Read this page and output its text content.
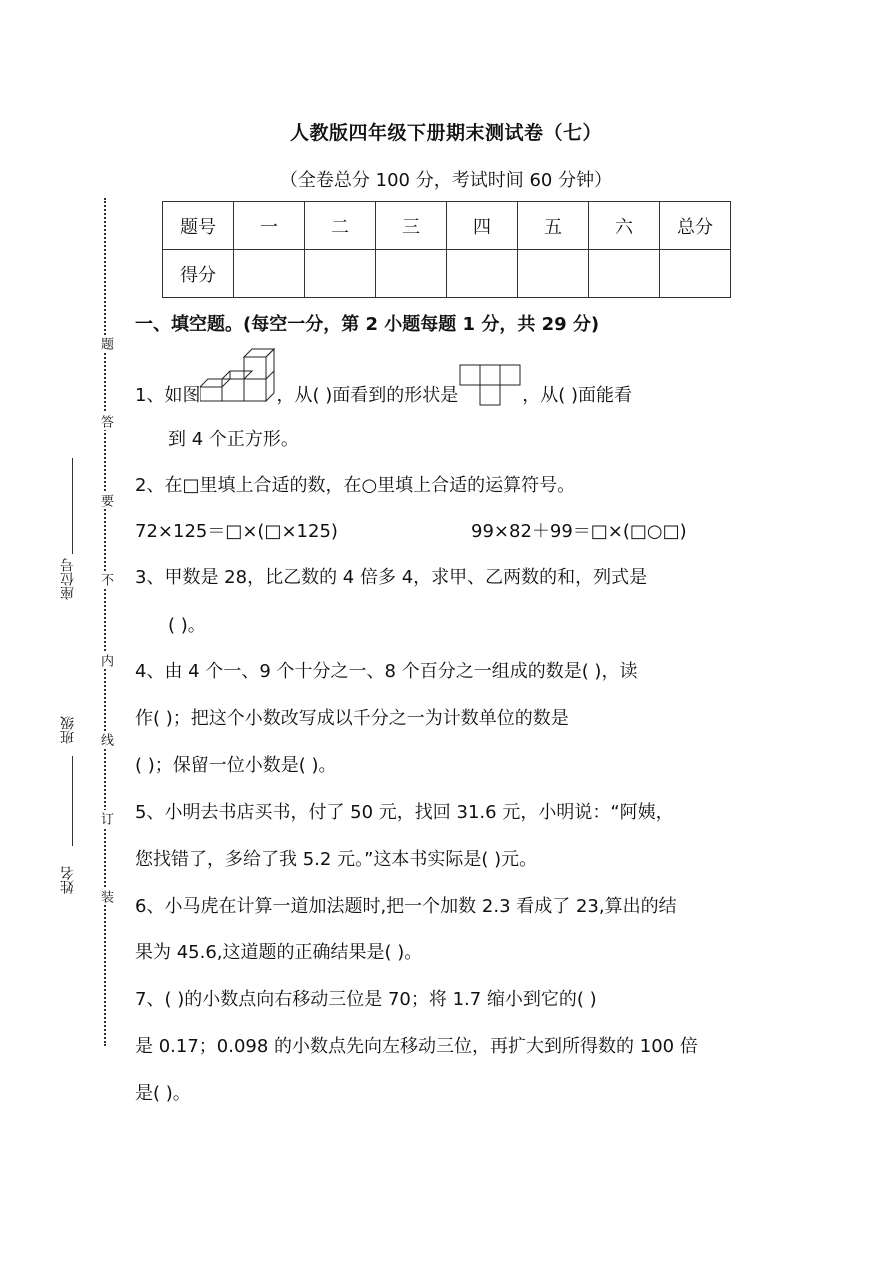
题
答
要
不
内
线
订
装
座位号
班级
姓名
人教版四年级下册期末测试卷（七）
（全卷总分 100 分，考试时间 60 分钟）
题号	一	二	三	四	五	六	总分
得分							
一、填空题。(每空一分，第 2 小题每题 1 分，共 29 分)
1、如图	，从( )面看到的形状是	，从( )面能看
到 4 个正方形。
2、在□里填上合适的数，在○里填上合适的运算符号。
72×125＝□×(□×125)	99×82＋99＝□×(□○□)
3、甲数是 28，比乙数的 4 倍多 4，求甲、乙两数的和，列式是
( )。
4、由 4 个一、9 个十分之一、8 个百分之一组成的数是( )，读
作( )；把这个小数改写成以千分之一为计数单位的数是
( )；保留一位小数是( )。
5、小明去书店买书，付了 50 元，找回 31.6 元，小明说：“阿姨，
您找错了，多给了我 5.2 元。”这本书实际是( )元。
6、小马虎在计算一道加法题时,把一个加数 2.3 看成了 23,算出的结
果为 45.6,这道题的正确结果是( )。
7、( )的小数点向右移动三位是 70；将 1.7 缩小到它的( )
是 0.17；0.098 的小数点先向左移动三位，再扩大到所得数的 100 倍
是( )。
